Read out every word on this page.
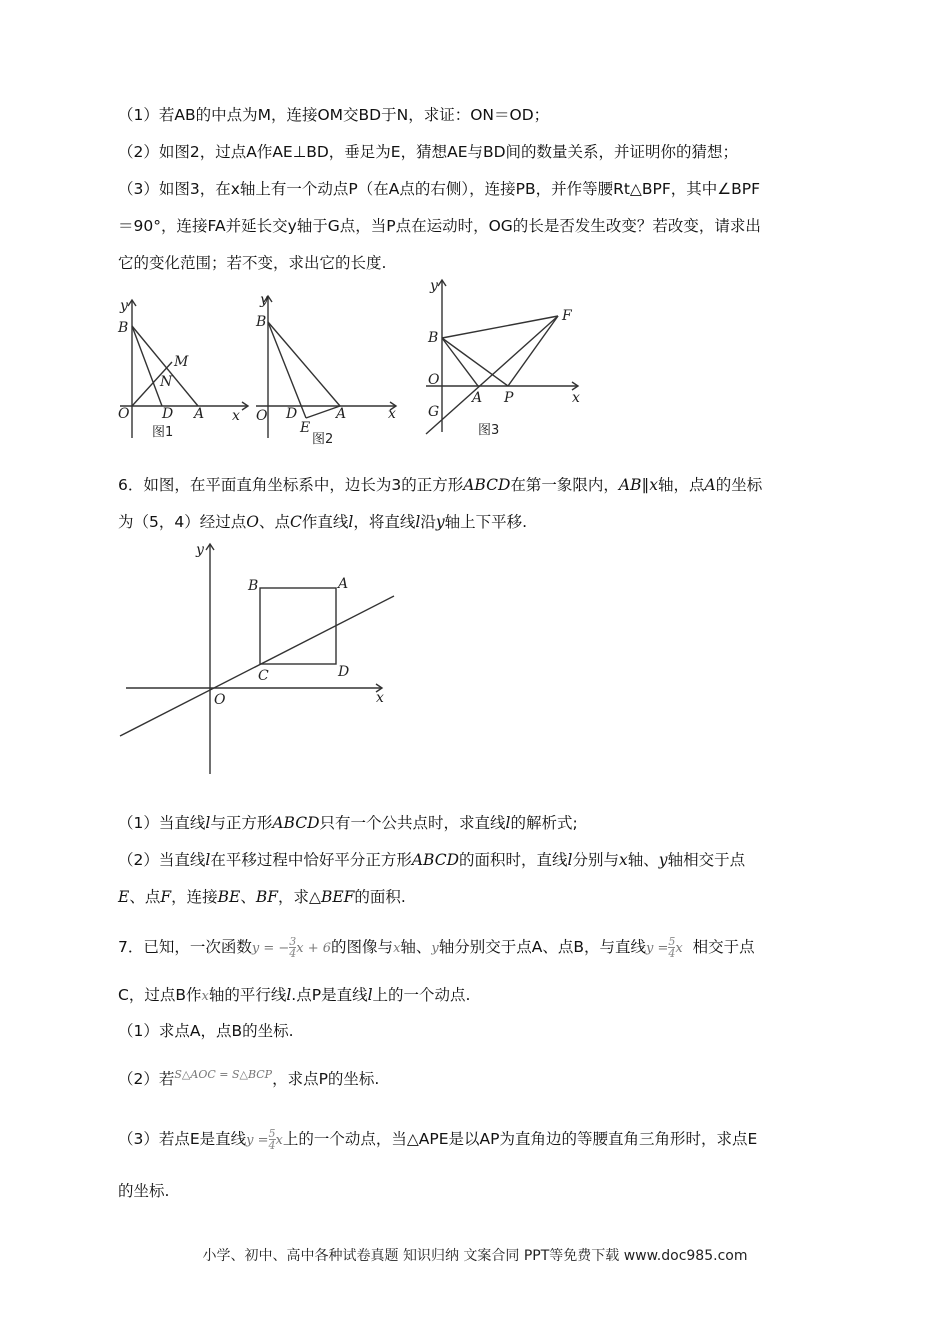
（1）若AB的中点为M，连接OM交BD于N，求证：ON＝OD；
（2）如图2，过点A作AE⊥BD，垂足为E，猜想AE与BD间的数量关系，并证明你的猜想；
（3）如图3，在x轴上有一个动点P（在A点的右侧），连接PB，并作等腰Rt△BPF，其中∠BPF
＝90°，连接FA并延长交y轴于G点，当P点在运动时，OG的长是否发生改变？若改变，请求出
它的变化范围；若不变，求出它的长度.
y
x
B
M
N
O D A
图1
y
x
B
O D
E
A
图2
y
x
B
F
O
G
A P
图3
6．如图，在平面直角坐标系中，边长为3的正方形ABCD在第一象限内，AB∥x轴，点A的坐标
为（5，4）经过点O、点C作直线l，将直线l沿y轴上下平移.
y
x
O
A
B
C	D
（1）当直线l与正方形ABCD只有一个公共点时，求直线l的解析式;
（2）当直线l在平移过程中恰好平分正方形ABCD的面积时，直线l分别与x轴、y轴相交于点
E、点F，连接BE、BF，求△BEF的面积.
7．已知，一次函数y = − $\frac{3}{4}$ x + 6的图像与x轴、y轴分别交于点A、点B，与直线$y = \frac{5}{4}$ x 相交于点
C，过点B作x轴的平行线l.点P是直线l上的一个动点.
（1）求点A，点B的坐标.
（2）若$^{S\triangle AOC = S\triangle BCP}$，求点P的坐标.
（3）若点E是直线$y = \frac{5}{4}$ x上的一个动点，当△APE是以AP为直角边的等腰直角三角形时，求点E
的坐标.
小学、初中、高中各种试卷真题 知识归纳 文案合同 PPT等免费下载 www.doc985.com
